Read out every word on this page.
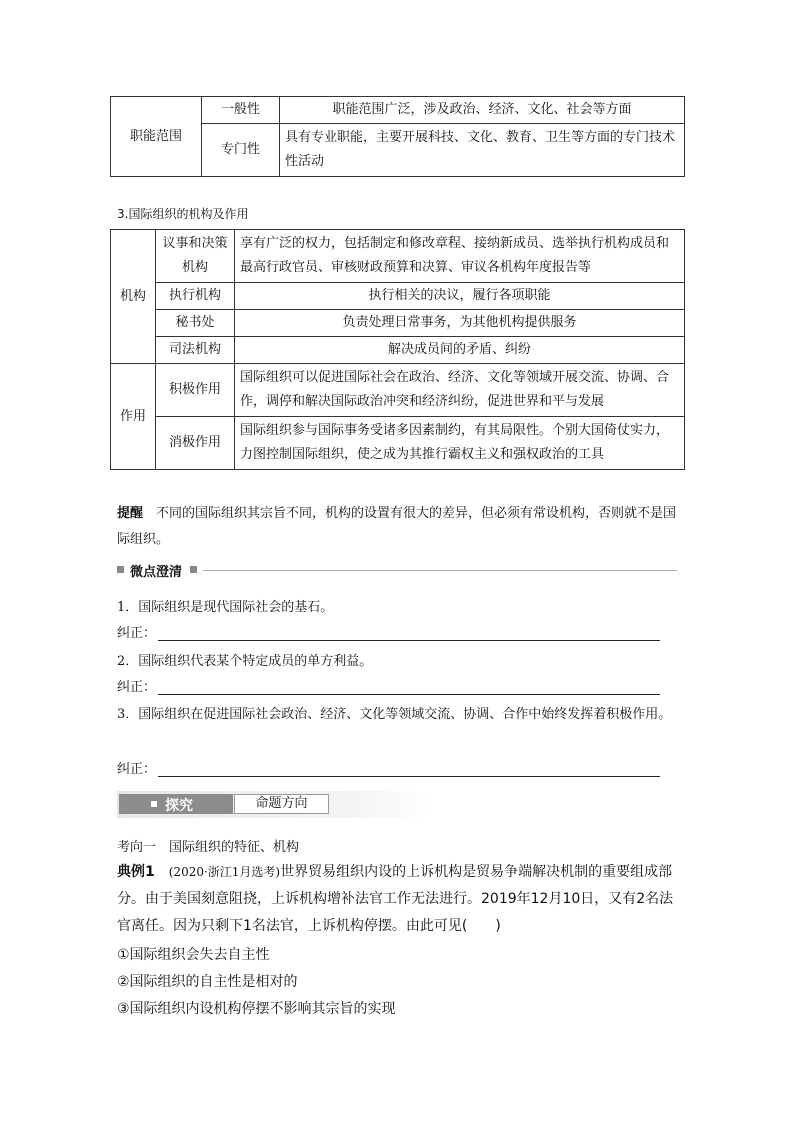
职能范围	一般性	职能范围广泛，涉及政治、经济、文化、社会等方面
	专门性	具有专业职能，主要开展科技、文化、教育、卫生等方面的专门技术性活动
3.国际组织的机构及作用
机构	议事和决策机构	享有广泛的权力，包括制定和修改章程、接纳新成员、选举执行机构成员和最高行政官员、审核财政预算和决算、审议各机构年度报告等
	执行机构	执行相关的决议，履行各项职能
	秘书处	负责处理日常事务，为其他机构提供服务
	司法机构	解决成员间的矛盾、纠纷
作用	积极作用	国际组织可以促进国际社会在政治、经济、文化等领域开展交流、协调、合作，调停和解决国际政治冲突和经济纠纷，促进世界和平与发展
	消极作用	国际组织参与国际事务受诸多因素制约，有其局限性。个别大国倚仗实力，力图控制国际组织，使之成为其推行霸权主义和强权政治的工具
提醒　 不同的国际组织其宗旨不同，机构的设置有很大的差异，但必须有常设机构，否则就不是国际组织。
微点澄清
1．国际组织是现代国际社会的基石。
纠正：
2．国际组织代表某个特定成员的单方利益。
纠正：
3．国际组织在促进国际社会政治、经济、文化等领域交流、协调、合作中始终发挥着积极作用。
纠正：
探究	命题方向
考向一　国际组织的特征、机构
典例1　 (2020·浙江1月选考)世界贸易组织内设的上诉机构是贸易争端解决机制的重要组成部分。由于美国刻意阻挠，上诉机构增补法官工作无法进行。2019年12月10日，又有2名法官离任。因为只剩下1名法官，上诉机构停摆。由此可见(　　)
①国际组织会失去自主性
②国际组织的自主性是相对的
③国际组织内设机构停摆不影响其宗旨的实现
